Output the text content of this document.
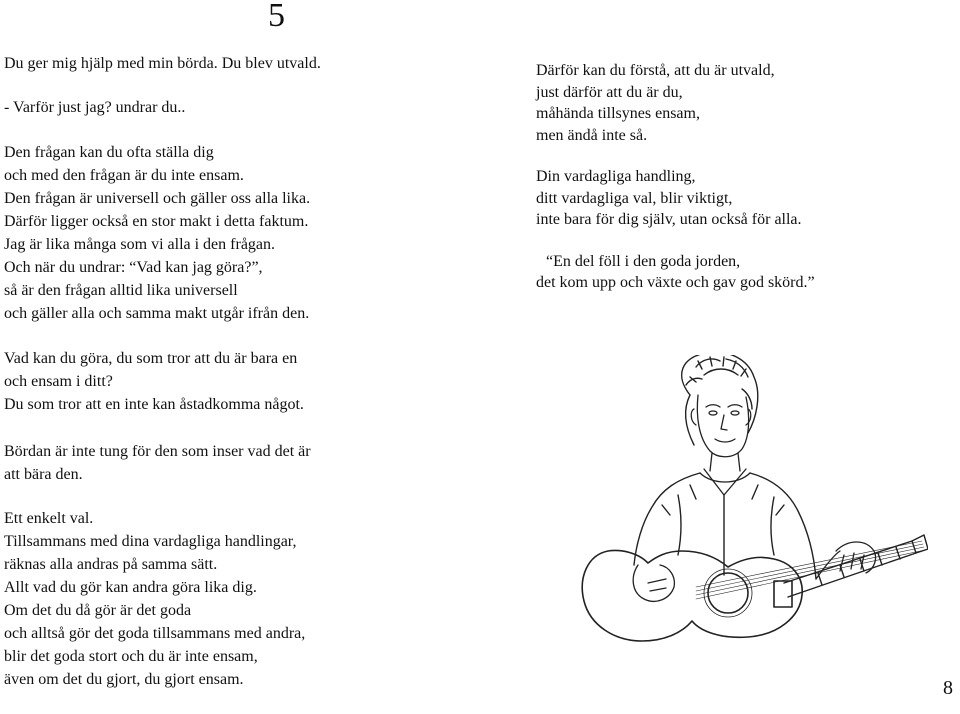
5

Du ger mig hjälp med min börda. Du blev utvald.

- Varför just jag? undrar du..

Den frågan kan du ofta ställa dig

och med den frågan är du inte ensam.

Den frågan är universell och gäller oss alla lika.

Därför ligger också en stor makt i detta faktum.

Jag är lika många som vi alla i den frågan.

Och när du undrar: “Vad kan jag göra?”,

så är den frågan alltid lika universell

och gäller alla och samma makt utgår ifrån den.

Vad kan du göra, du som tror att du är bara en

och ensam i ditt?

Du som tror att en inte kan åstadkomma något.

Bördan är inte tung för den som inser vad det är

att bära den.

Ett enkelt val.

Tillsammans med dina vardagliga handlingar,

räknas alla andras på samma sätt.

Allt vad du gör kan andra göra lika dig.

Om det du då gör är det goda

och alltså gör det goda tillsammans med andra,

blir det goda stort och du är inte ensam,

även om det du gjort, du gjort ensam.

Därför kan du förstå, att du är utvald,

just därför att du är du,

måhända tillsynes ensam,

men ändå inte så.

Din vardagliga handling,

ditt vardagliga val, blir viktigt,

inte bara för dig själv, utan också för alla.

“En del föll i den goda jorden,

det kom upp och växte och gav god skörd.”

8
